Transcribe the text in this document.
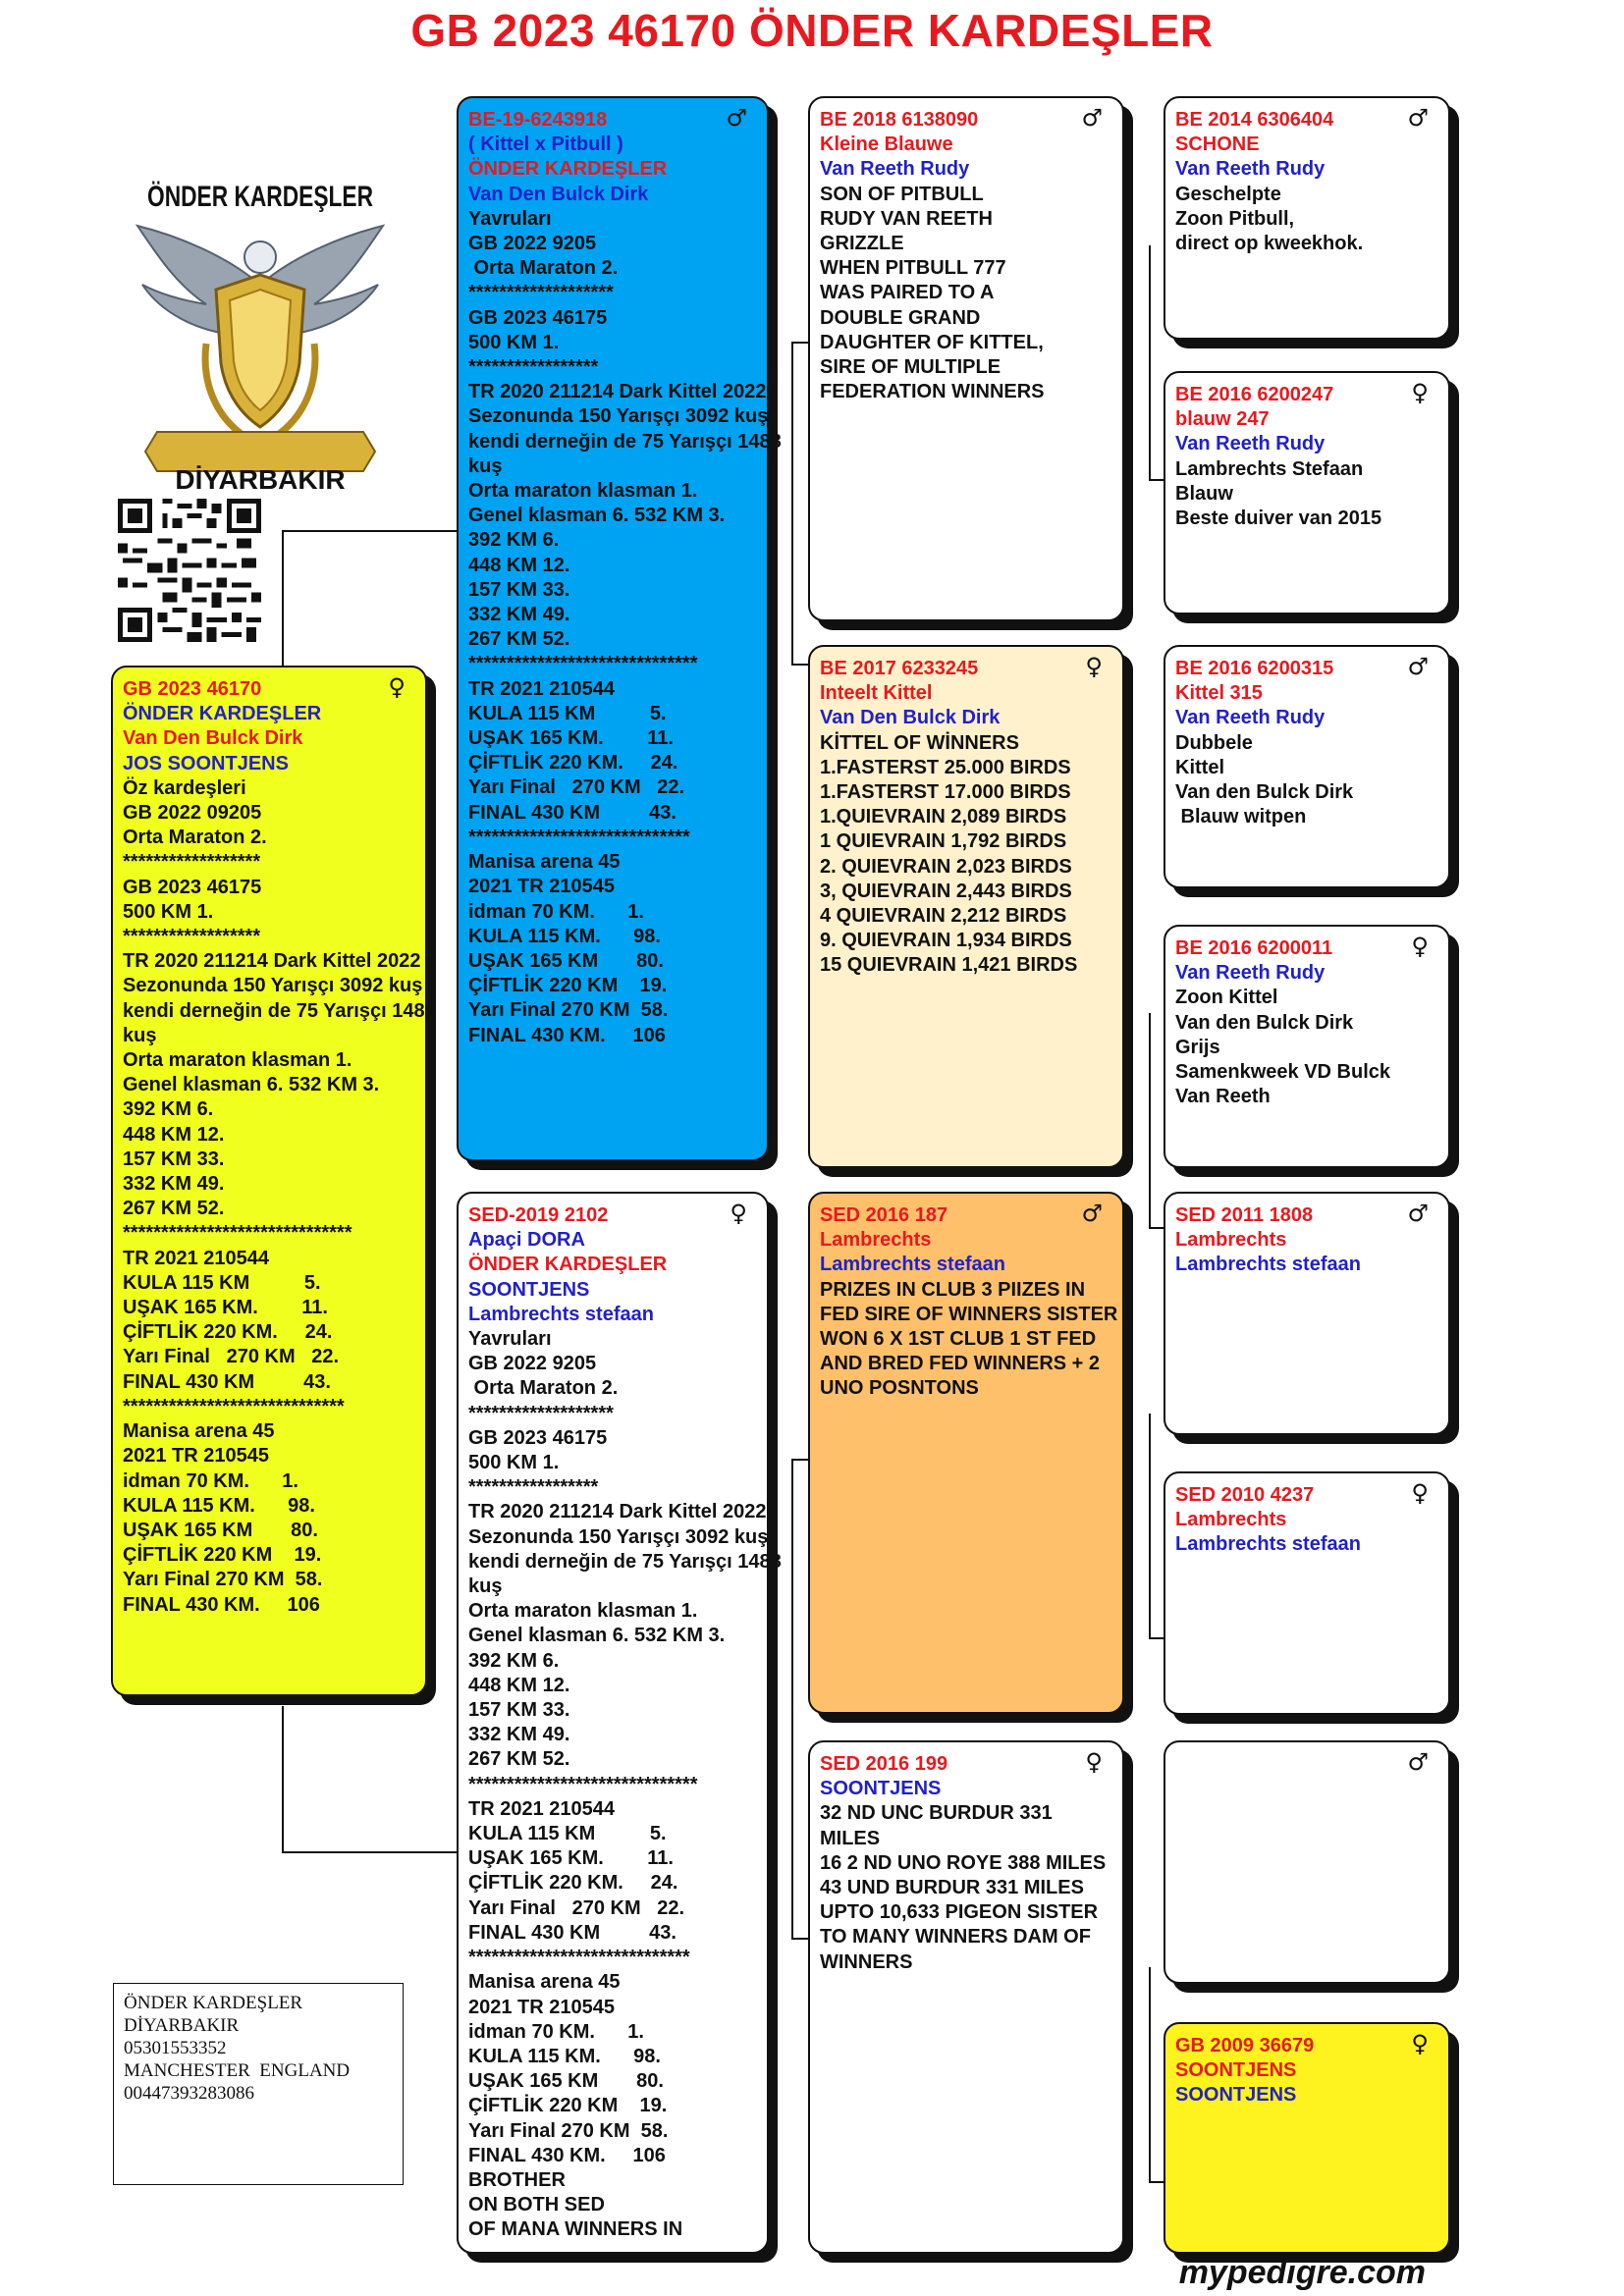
GB 2023 46170 ÖNDER KARDEŞLER
ÖNDER KARDEŞLER
DİYARBAKIR
♀
GB 2023 46170
ÖNDER KARDEŞLER
Van Den Bulck Dirk
JOS SOONTJENS
Öz kardeşleri
GB 2022 09205
Orta Maraton 2.
******************
GB 2023 46175
500 KM 1.
******************
TR 2020 211214 Dark Kittel 2022
Sezonunda 150 Yarışçı 3092 kuş
kendi derneğin de 75 Yarışçı 1488
kuş
Orta maraton klasman 1.
Genel klasman 6. 532 KM 3.
392 KM 6.
448 KM 12.
157 KM 33.
332 KM 49.
267 KM 52.
******************************
TR 2021 210544
KULA 115 KM          5.
UŞAK 165 KM.        11.
ÇİFTLİK 220 KM.     24.
Yarı Final   270 KM   22.
FINAL 430 KM         43.
*****************************
Manisa arena 45
2021 TR 210545
idman 70 KM.      1.
KULA 115 KM.      98.
UŞAK 165 KM       80.
ÇİFTLİK 220 KM    19.
Yarı Final 270 KM  58.
FINAL 430 KM.     106
♂
BE-19-6243918
( Kittel x Pitbull )
ÖNDER KARDEŞLER
Van Den Bulck Dirk
Yavruları
GB 2022 9205
Orta Maraton 2.
*******************
GB 2023 46175
500 KM 1.
*****************
TR 2020 211214 Dark Kittel 2022
Sezonunda 150 Yarışçı 3092 kuş
kendi derneğin de 75 Yarışçı 1488
kuş
Orta maraton klasman 1.
Genel klasman 6. 532 KM 3.
392 KM 6.
448 KM 12.
157 KM 33.
332 KM 49.
267 KM 52.
******************************
TR 2021 210544
KULA 115 KM          5.
UŞAK 165 KM.        11.
ÇİFTLİK 220 KM.     24.
Yarı Final   270 KM   22.
FINAL 430 KM         43.
*****************************
Manisa arena 45
2021 TR 210545
idman 70 KM.      1.
KULA 115 KM.      98.
UŞAK 165 KM       80.
ÇİFTLİK 220 KM    19.
Yarı Final 270 KM  58.
FINAL 430 KM.     106
♀
SED-2019 2102
Apaçi DORA
ÖNDER KARDEŞLER
SOONTJENS
Lambrechts stefaan
Yavruları
GB 2022 9205
Orta Maraton 2.
*******************
GB 2023 46175
500 KM 1.
*****************
TR 2020 211214 Dark Kittel 2022
Sezonunda 150 Yarışçı 3092 kuş
kendi derneğin de 75 Yarışçı 1488
kuş
Orta maraton klasman 1.
Genel klasman 6. 532 KM 3.
392 KM 6.
448 KM 12.
157 KM 33.
332 KM 49.
267 KM 52.
******************************
TR 2021 210544
KULA 115 KM          5.
UŞAK 165 KM.        11.
ÇİFTLİK 220 KM.     24.
Yarı Final   270 KM   22.
FINAL 430 KM         43.
*****************************
Manisa arena 45
2021 TR 210545
idman 70 KM.      1.
KULA 115 KM.      98.
UŞAK 165 KM       80.
ÇİFTLİK 220 KM    19.
Yarı Final 270 KM  58.
FINAL 430 KM.     106
BROTHER
ON BOTH SED
OF MANA WINNERS IN
♂
BE 2018 6138090
Kleine Blauwe
Van Reeth Rudy
SON OF PITBULL
RUDY VAN REETH
GRIZZLE
WHEN PITBULL 777
WAS PAIRED TO A
DOUBLE GRAND
DAUGHTER OF KITTEL,
SIRE OF MULTIPLE
FEDERATION WINNERS
♀
BE 2017 6233245
Inteelt Kittel
Van Den Bulck Dirk
KİTTEL OF WİNNERS
1.FASTERST 25.000 BIRDS
1.FASTERST 17.000 BIRDS
1.QUIEVRAIN 2,089 BIRDS
1 QUIEVRAIN 1,792 BIRDS
2. QUIEVRAIN 2,023 BIRDS
3, QUIEVRAIN 2,443 BIRDS
4 QUIEVRAIN 2,212 BIRDS
9. QUIEVRAIN 1,934 BIRDS
15 QUIEVRAIN 1,421 BIRDS
♂
SED 2016 187
Lambrechts
Lambrechts stefaan
PRIZES IN CLUB 3 PIIZES IN
FED SIRE OF WINNERS SISTER
WON 6 X 1ST CLUB 1 ST FED
AND BRED FED WINNERS + 2
UNO POSNTONS
♀
SED 2016 199
SOONTJENS
32 ND UNC BURDUR 331
MILES
16 2 ND UNO ROYE 388 MILES
43 UND BURDUR 331 MILES
UPTO 10,633 PIGEON SISTER
TO MANY WINNERS DAM OF
WINNERS
♂
BE 2014 6306404
SCHONE
Van Reeth Rudy
Geschelpte
Zoon Pitbull,
direct op kweekhok.
♀
BE 2016 6200247
blauw 247
Van Reeth Rudy
Lambrechts Stefaan
Blauw
Beste duiver van 2015
♂
BE 2016 6200315
Kittel 315
Van Reeth Rudy
Dubbele
Kittel
Van den Bulck Dirk
Blauw witpen
♀
BE 2016 6200011
Van Reeth Rudy
Zoon Kittel
Van den Bulck Dirk
Grijs
Samenkweek VD Bulck
Van Reeth
♂
SED 2011 1808
Lambrechts
Lambrechts stefaan
♀
SED 2010 4237
Lambrechts
Lambrechts stefaan
♂
♀
GB 2009 36679
SOONTJENS
SOONTJENS
ÖNDER KARDEŞLER
DİYARBAKIR
05301553352
MANCHESTER  ENGLAND
00447393283086
mypedigre.com
